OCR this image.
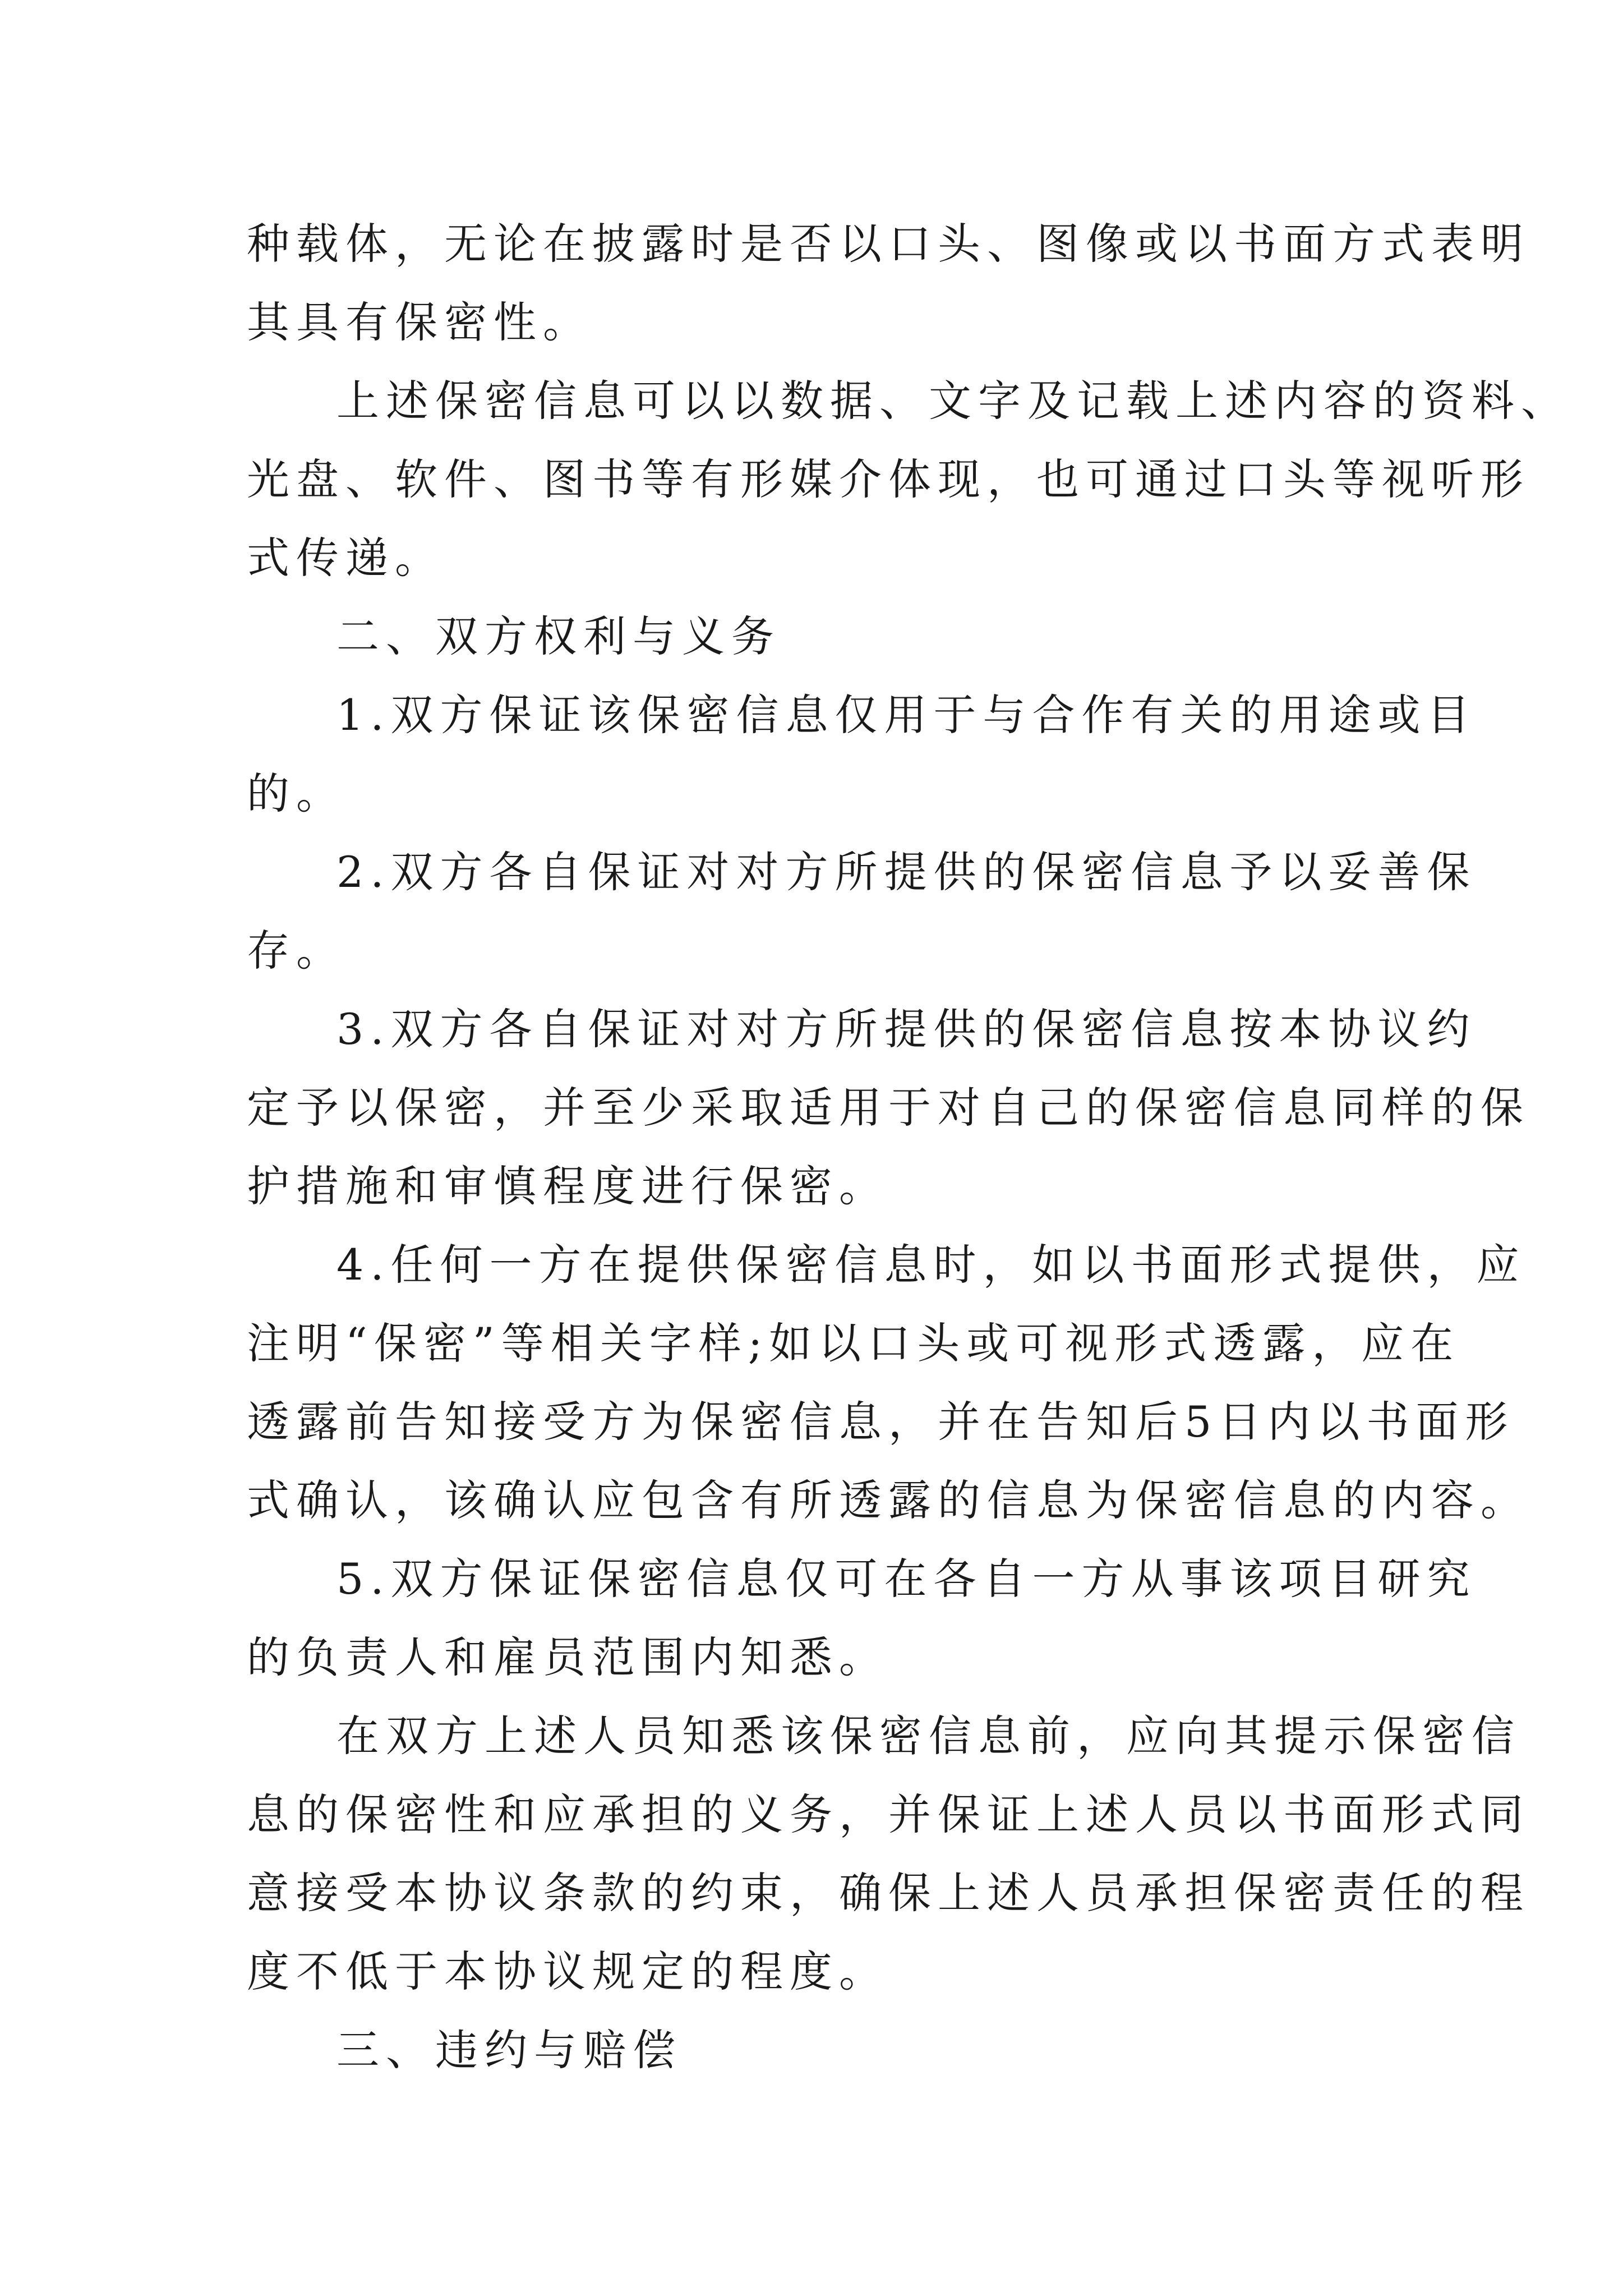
种载体，无论在披露时是否以口头、图像或以书面方式表明
其具有保密性。
上述保密信息可以以数据、文字及记载上述内容的资料、
光盘、软件、图书等有形媒介体现，也可通过口头等视听形
式传递。
二、双方权利与义务
1.双方保证该保密信息仅用于与合作有关的用途或目
的。
2.双方各自保证对对方所提供的保密信息予以妥善保
存。
3.双方各自保证对对方所提供的保密信息按本协议约
定予以保密，并至少采取适用于对自己的保密信息同样的保
护措施和审慎程度进行保密。
4.任何一方在提供保密信息时，如以书面形式提供，应
注明“保密”等相关字样;如以口头或可视形式透露，应在
透露前告知接受方为保密信息，并在告知后5日内以书面形
式确认，该确认应包含有所透露的信息为保密信息的内容。
5.双方保证保密信息仅可在各自一方从事该项目研究
的负责人和雇员范围内知悉。
在双方上述人员知悉该保密信息前，应向其提示保密信
息的保密性和应承担的义务，并保证上述人员以书面形式同
意接受本协议条款的约束，确保上述人员承担保密责任的程
度不低于本协议规定的程度。
三、违约与赔偿
